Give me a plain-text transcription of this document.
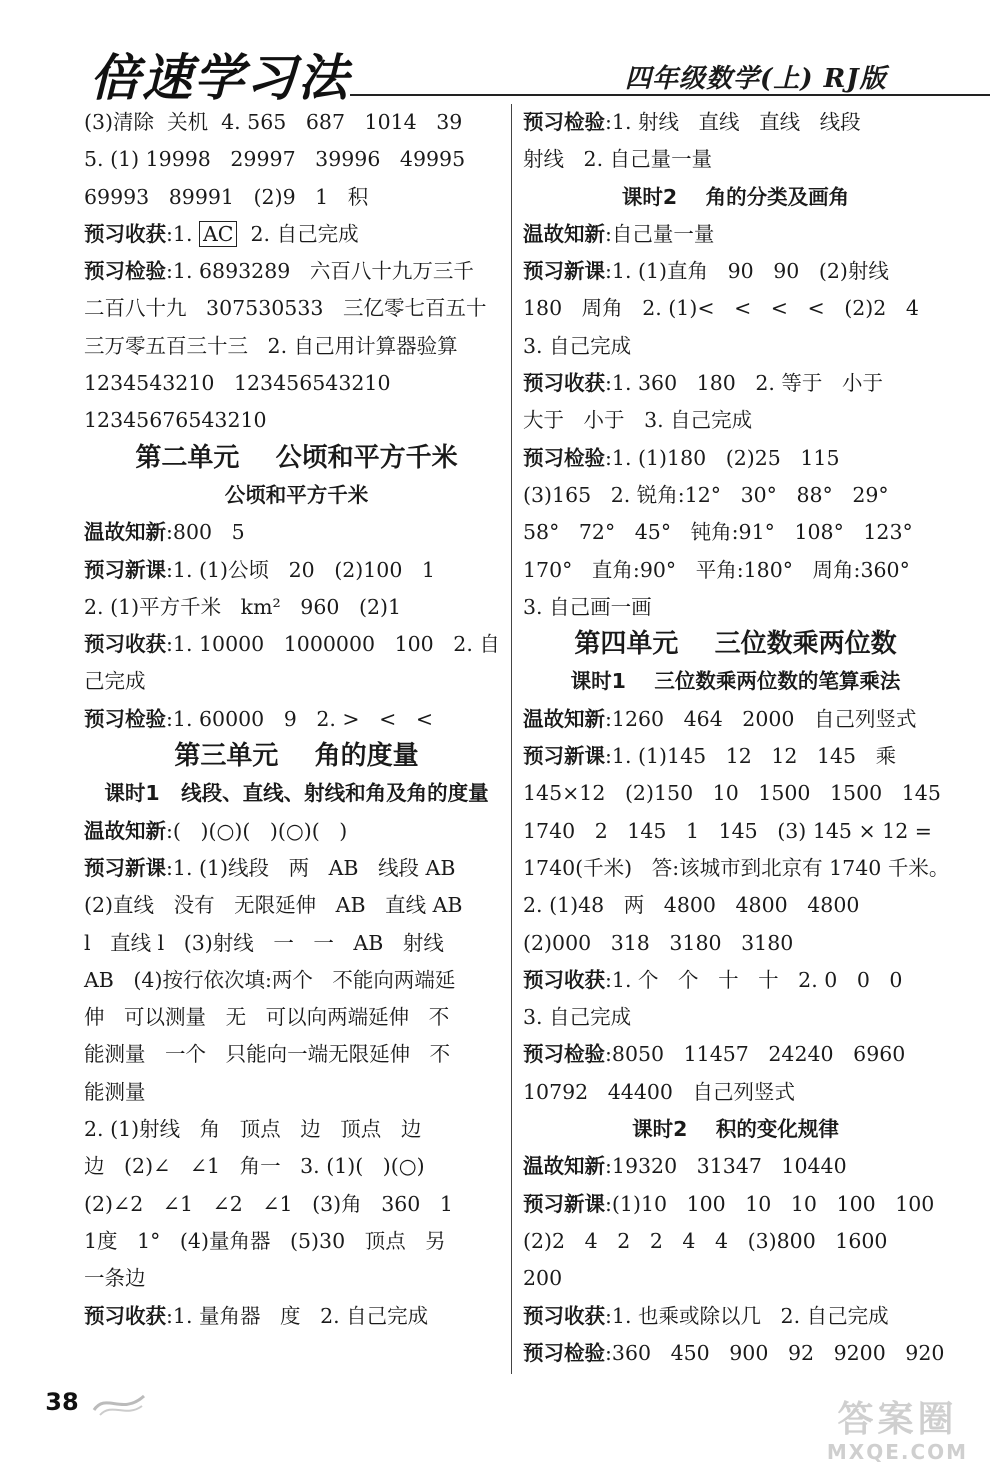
倍速学习法	四年级数学(上) RJ版
(3)清除  关机  4. 565   687   1014   39
5. (1) 19998   29997   39996   49995
69993   89991   (2)9   1   积
预习收获:1. AC  2. 自己完成
预习检验:1. 6893289   六百八十九万三千
二百八十九   307530533   三亿零七百五十
三万零五百三十三   2. 自己用计算器验算
1234543210   123456543210
12345676543210
第二单元    公顷和平方千米
公顷和平方千米
温故知新:800   5
预习新课:1. (1)公顷   20   (2)100   1
2. (1)平方千米   km²   960   (2)1
预习收获:1. 10000   1000000   100   2. 自
己完成
预习检验:1. 60000   9   2. >   <   <
第三单元    角的度量
课时1   线段、直线、射线和角及角的度量
温故知新:(   )(○)(   )(○)(   )
预习新课:1. (1)线段   两   AB   线段 AB
(2)直线   没有   无限延伸   AB   直线 AB
l   直线 l   (3)射线   一   一   AB   射线
AB   (4)按行依次填:两个   不能向两端延
伸   可以测量   无   可以向两端延伸   不
能测量   一个   只能向一端无限延伸   不
能测量
2. (1)射线   角   顶点   边   顶点   边
边   (2)∠   ∠1   角一   3. (1)(   )(○)
(2)∠2   ∠1   ∠2   ∠1   (3)角   360   1
1度   1°   (4)量角器   (5)30   顶点   另
一条边
预习收获:1. 量角器   度   2. 自己完成
预习检验:1. 射线   直线   直线   线段
射线   2. 自己量一量
课时2    角的分类及画角
温故知新:自己量一量
预习新课:1. (1)直角   90   90   (2)射线
180   周角   2. (1)<   <   <   <   (2)2   4
3. 自己完成
预习收获:1. 360   180   2. 等于   小于
大于   小于   3. 自己完成
预习检验:1. (1)180   (2)25   115
(3)165   2. 锐角:12°   30°   88°   29°
58°   72°   45°   钝角:91°   108°   123°
170°   直角:90°   平角:180°   周角:360°
3. 自己画一画
第四单元    三位数乘两位数
课时1    三位数乘两位数的笔算乘法
温故知新:1260   464   2000   自己列竖式
预习新课:1. (1)145   12   12   145   乘
145×12   (2)150   10   1500   1500   145
1740   2   145   1   145   (3) 145 × 12 =
1740(千米)   答:该城市到北京有 1740 千米。
2. (1)48   两   4800   4800   4800
(2)000   318   3180   3180
预习收获:1. 个   个   十   十   2. 0   0   0
3. 自己完成
预习检验:8050   11457   24240   6960
10792   44400   自己列竖式
课时2    积的变化规律
温故知新:19320   31347   10440
预习新课:(1)10   100   10   10   100   100
(2)2   4   2   2   4   4   (3)800   1600
200
预习收获:1. 也乘或除以几   2. 自己完成
预习检验:360   450   900   92   9200   920
38	答案圈
MXQE.COM
